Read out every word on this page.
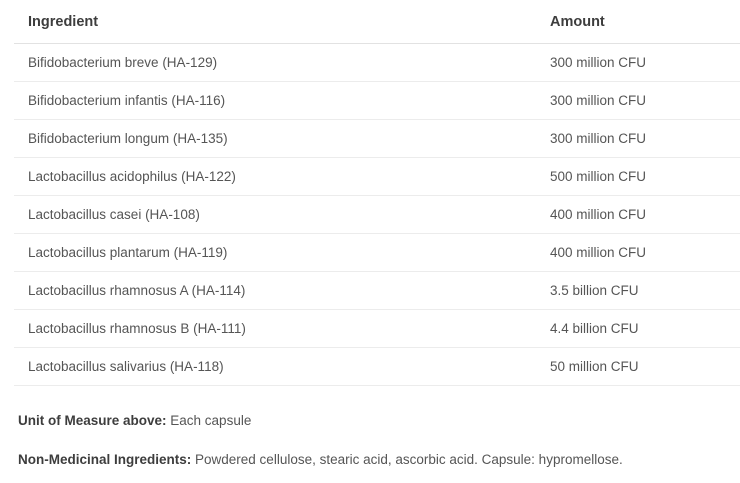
Ingredient	Amount
Bifidobacterium breve (HA-129)	300 million CFU
Bifidobacterium infantis (HA-116)	300 million CFU
Bifidobacterium longum (HA-135)	300 million CFU
Lactobacillus acidophilus (HA-122)	500 million CFU
Lactobacillus casei (HA-108)	400 million CFU
Lactobacillus plantarum (HA-119)	400 million CFU
Lactobacillus rhamnosus A (HA-114)	3.5 billion CFU
Lactobacillus rhamnosus B (HA-111)	4.4 billion CFU
Lactobacillus salivarius (HA-118)	50 million CFU

Unit of Measure above: Each capsule

Non-Medicinal Ingredients: Powdered cellulose, stearic acid, ascorbic acid. Capsule: hypromellose.
